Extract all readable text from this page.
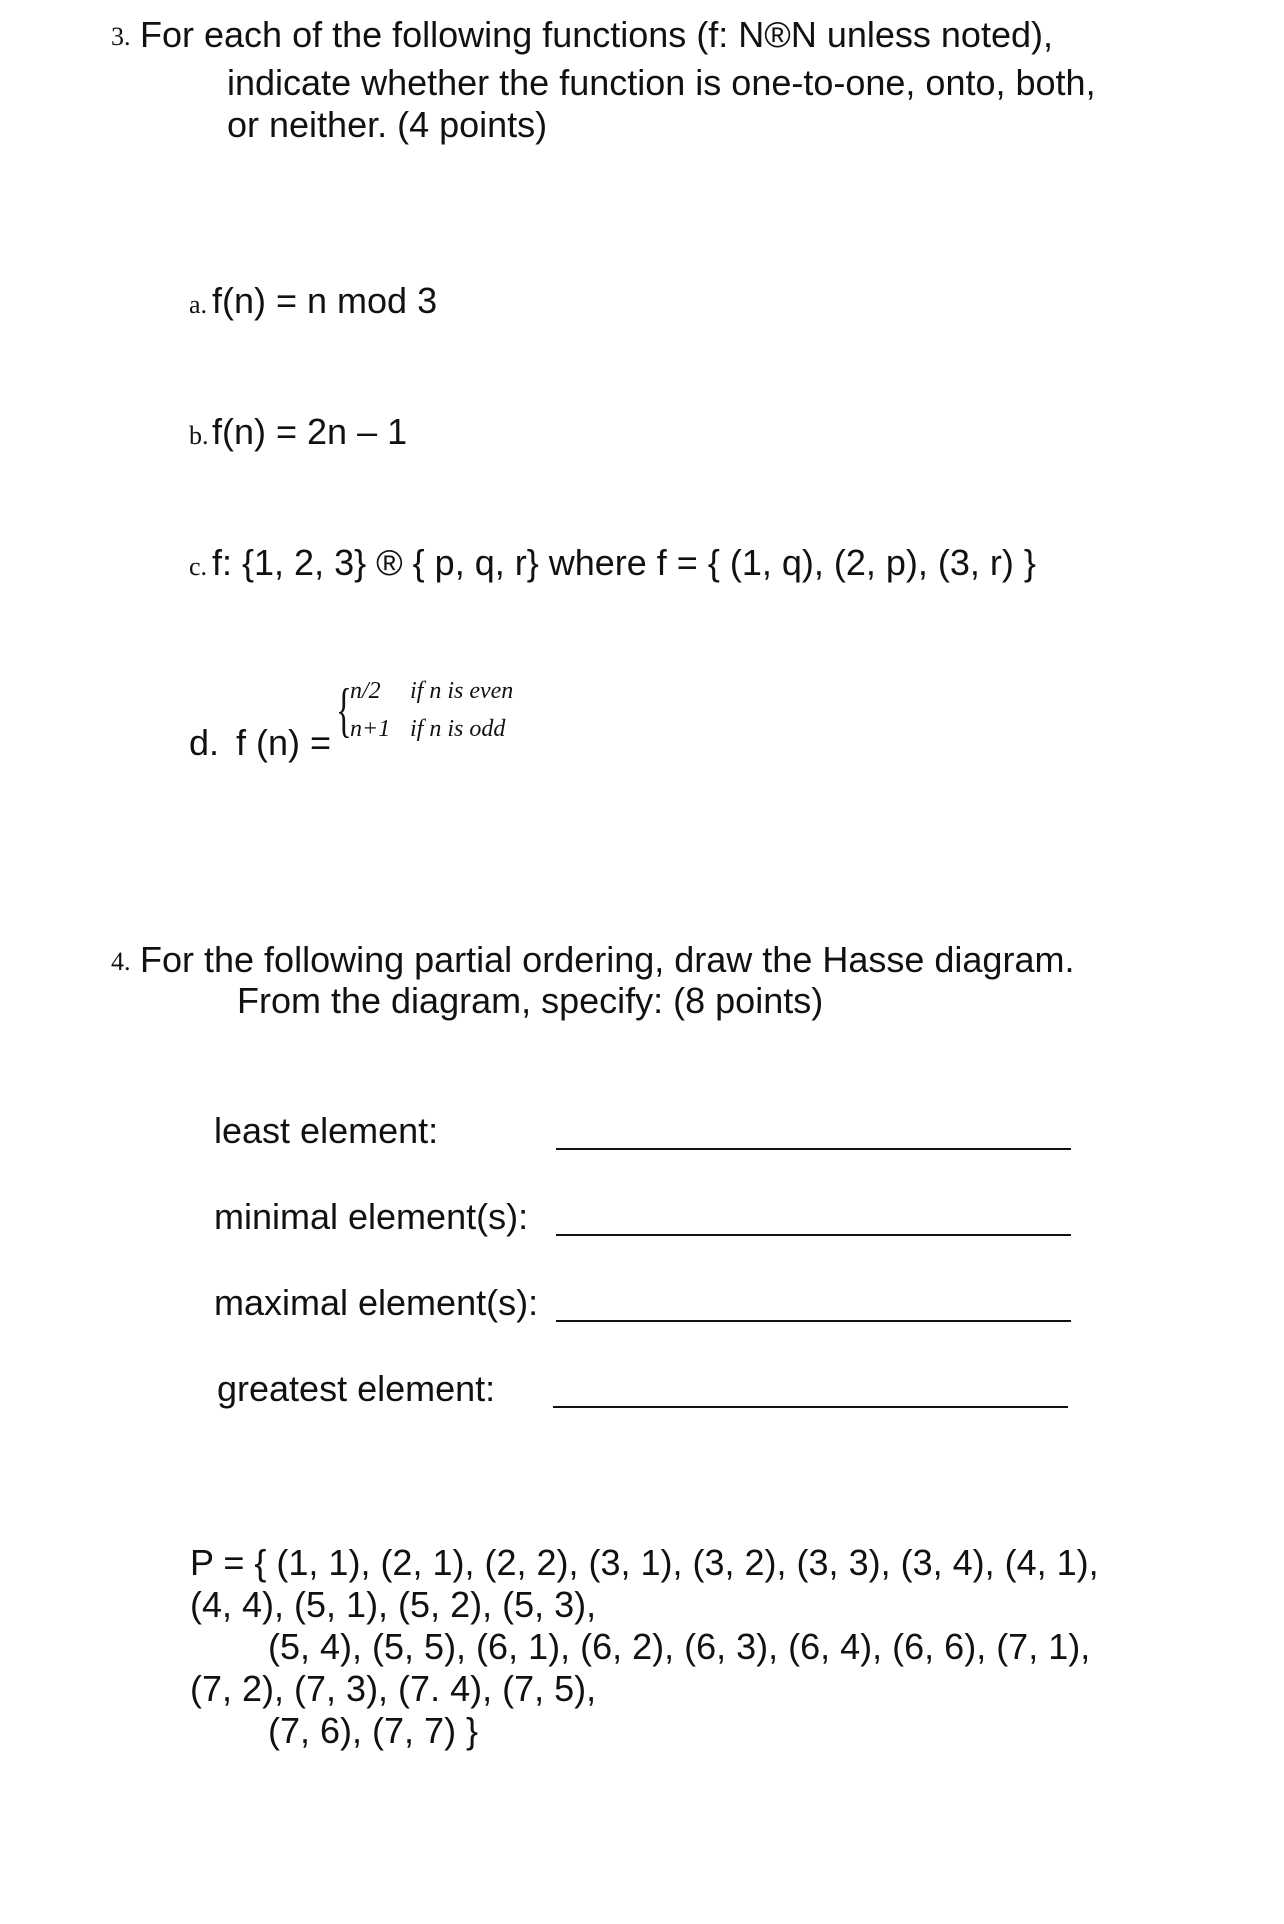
3. For each of the following functions (f: N®N unless noted),
indicate whether the function is one-to-one, onto, both,
or neither. (4 points)
a. f(n) = n mod 3
b. f(n) = 2n – 1
c. f: {1, 2, 3} ® { p, q, r} where f = { (1, q), (2, p), (3, r) }
d. f (n) = {
n/2 if n is even
n+1 if n is odd
4. For the following partial ordering, draw the Hasse diagram.
From the diagram, specify: (8 points)
least element:
minimal element(s):
maximal element(s):
greatest element:
P = { (1, 1), (2, 1), (2, 2), (3, 1), (3, 2), (3, 3), (3, 4), (4, 1),
(4, 4), (5, 1), (5, 2), (5, 3),
(5, 4), (5, 5), (6, 1), (6, 2), (6, 3), (6, 4), (6, 6), (7, 1),
(7, 2), (7, 3), (7. 4), (7, 5),
(7, 6), (7, 7) }
